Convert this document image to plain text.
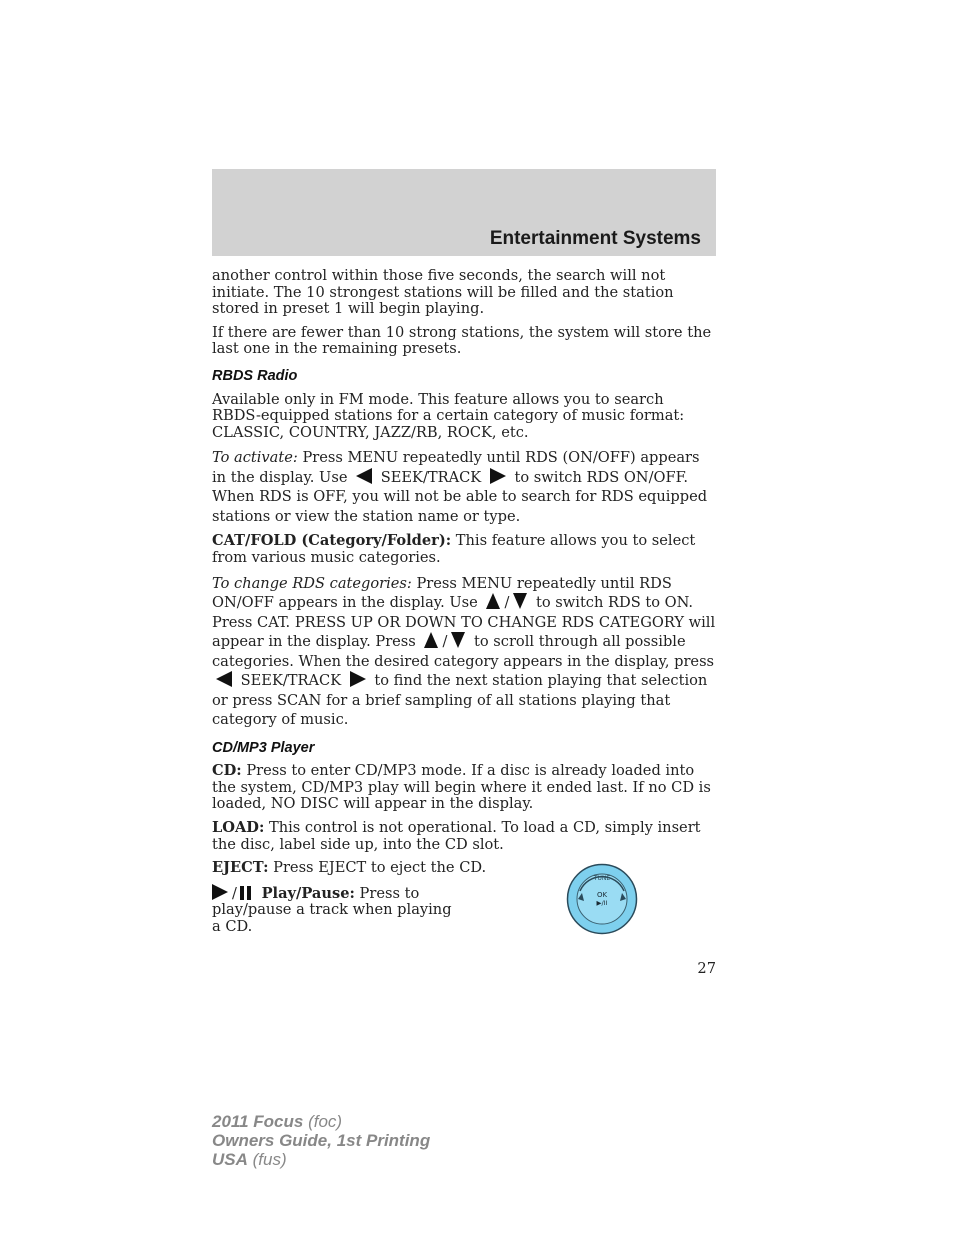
Entertainment Systems

another control within those five seconds, the search will not initiate. The 10 strongest stations will be filled and the station stored in preset 1 will begin playing.

If there are fewer than 10 strong stations, the system will store the last one in the remaining presets.

RBDS Radio

Available only in FM mode. This feature allows you to search RBDS-equipped stations for a certain category of music format: CLASSIC, COUNTRY, JAZZ/RB, ROCK, etc.

To activate: Press MENU repeatedly until RDS (ON/OFF) appears in the display. Use SEEK/TRACK to switch RDS ON/OFF. When RDS is OFF, you will not be able to search for RDS equipped stations or view the station name or type.

CAT/FOLD (Category/Folder): This feature allows you to select from various music categories.

To change RDS categories: Press MENU repeatedly until RDS ON/OFF appears in the display. Use / to switch RDS to ON. Press CAT. PRESS UP OR DOWN TO CHANGE RDS CATEGORY will appear in the display. Press / to scroll through all possible categories. When the desired category appears in the display, press  SEEK/TRACK to find the next station playing that selection or press SCAN for a brief sampling of all stations playing that category of music.

CD/MP3 Player

CD: Press to enter CD/MP3 mode. If a disc is already loaded into the system, CD/MP3 play will begin where it ended last. If no CD is loaded, NO DISC will appear in the display.

LOAD: This control is not operational. To load a CD, simply insert the disc, label side up, into the CD slot.

EJECT: Press EJECT to eject the CD.

/ Play/Pause: Press to play/pause a track when playing a CD.

TUNE
OK
▶/II
27
2011 Focus (foc)
Owners Guide, 1st Printing
USA (fus)
